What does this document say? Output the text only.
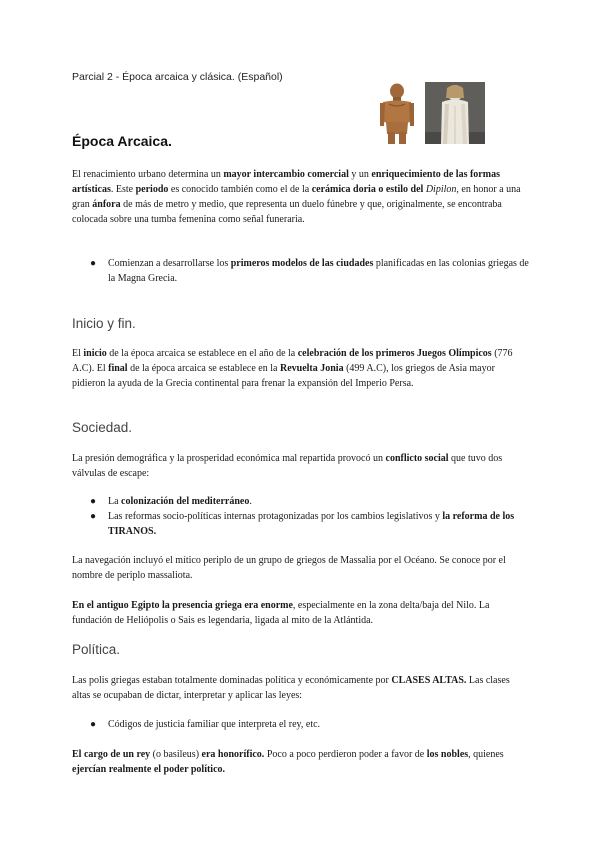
Parcial 2 - Época arcaica y clásica. (Español)
Época Arcaica.

El renacimiento urbano determina un mayor intercambio comercial y un enriquecimiento de las formas artísticas. Este periodo es conocido también como el de la cerámica doria o estilo del Dipilon, en honor a una gran ánfora de más de metro y medio, que representa un duelo fúnebre y que, originalmente, se encontraba colocada sobre una tumba femenina como señal funeraria.

● Comienzan a desarrollarse los primeros modelos de las ciudades planificadas en las colonias griegas de la Magna Grecia.
Inicio y fin.

El inicio de la época arcaica se establece en el año de la celebración de los primeros Juegos Olímpicos (776 A.C). El final de la época arcaica se establece en la Revuelta Jonia (499 A.C), los griegos de Asia mayor pidieron la ayuda de la Grecia continental para frenar la expansión del Imperio Persa.

Sociedad.

La presión demográfica y la prosperidad económica mal repartida provocó un conflicto social que tuvo dos válvulas de escape:

● La colonización del mediterráneo.
● Las reformas socio-políticas internas protagonizadas por los cambios legislativos y la reforma de los TIRANOS.

La navegación incluyó el mítico periplo de un grupo de griegos de Massalia por el Océano. Se conoce por el nombre de periplo massaliota.

En el antiguo Egipto la presencia griega era enorme, especialmente en la zona delta/baja del Nilo. La fundación de Heliópolis o Sais es legendaria, ligada al mito de la Atlántida.

Política.

Las polis griegas estaban totalmente dominadas política y económicamente por CLASES ALTAS. Las clases altas se ocupaban de dictar, interpretar y aplicar las leyes:

● Códigos de justicia familiar que interpreta el rey, etc.

El cargo de un rey (o basileus) era honorífico. Poco a poco perdieron poder a favor de los nobles, quienes ejercían realmente el poder político.
